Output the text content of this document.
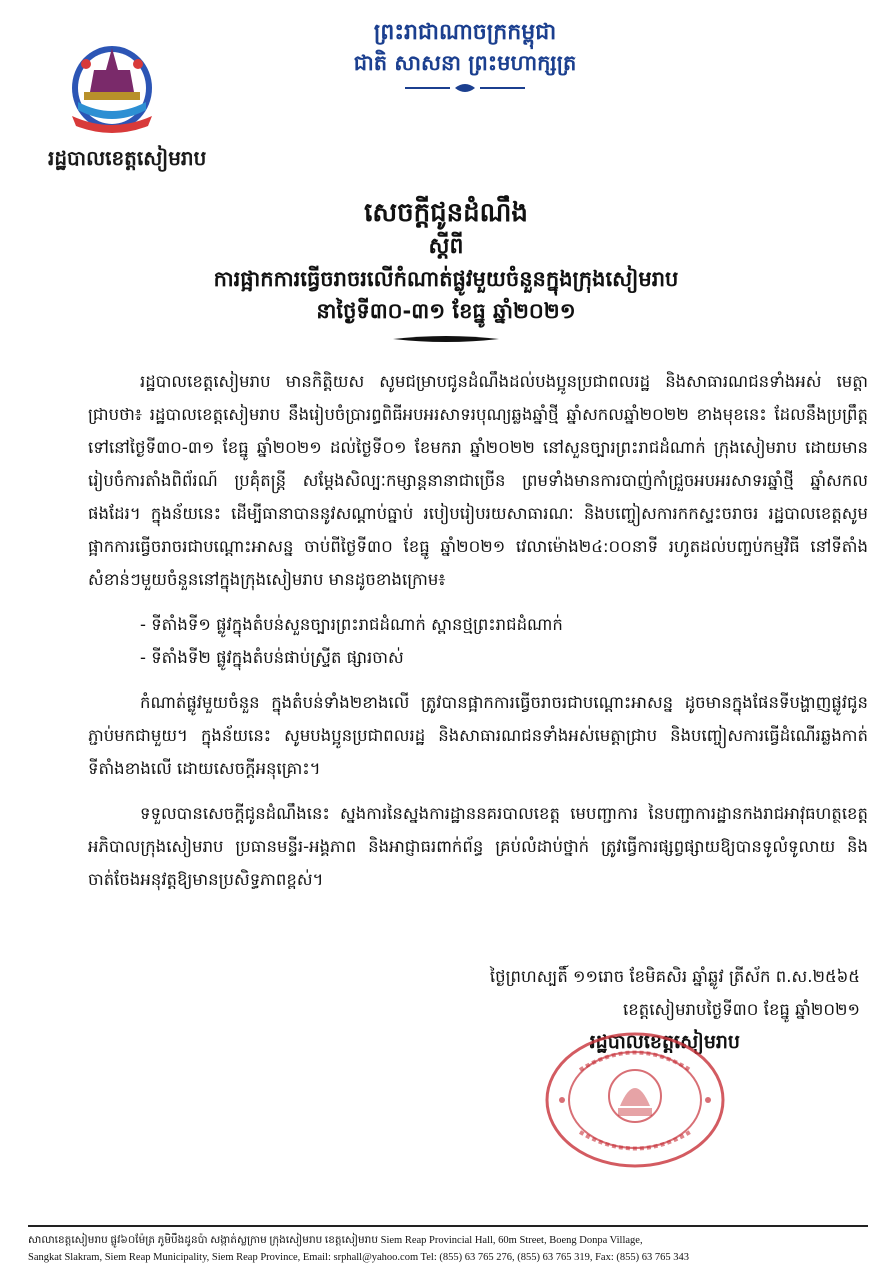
រដ្ឋបាលខេត្តសៀមរាប
ព្រះរាជាណាចក្រកម្ពុជា
ជាតិ សាសនា ព្រះមហាក្សត្រ
សេចក្តីជូនដំណឹង
ស្តីពី
ការផ្អាកការធ្វើចរាចរលើកំណាត់ផ្លូវមួយចំនួនក្នុងក្រុងសៀមរាប
នាថ្ងៃទី៣០-៣១ ខែធ្នូ ឆ្នាំ២០២១

រដ្ឋបាលខេត្តសៀមរាប មានកិត្តិយស សូមជម្រាបជូនដំណឹងដល់បងប្អូនប្រជាពលរដ្ឋ និងសាធារណជនទាំងអស់ មេត្តាជ្រាបថា៖ រដ្ឋបាលខេត្តសៀមរាប នឹងរៀបចំប្រារព្ធពិធីអបអរសាទរបុណ្យឆ្លងឆ្នាំថ្មី ឆ្នាំសកលឆ្នាំ២០២២ ខាងមុខនេះ ដែលនឹងប្រព្រឹត្តទៅនៅថ្ងៃទី៣០-៣១ ខែធ្នូ ឆ្នាំ២០២១ ដល់ថ្ងៃទី០១ ខែមករា ឆ្នាំ២០២២ នៅសួនច្បារព្រះរាជដំណាក់ ក្រុងសៀមរាប ដោយមានរៀបចំការតាំងពិព័រណ៍ ប្រគុំតន្ត្រី សម្តែងសិល្បៈកម្សាន្តនានាជាច្រើន ព្រមទាំងមានការបាញ់កាំជ្រួចអបអរសាទរឆ្នាំថ្មី ឆ្នាំសកល ផងដែរ។ ក្នុងន័យនេះ ដើម្បីធានាបាននូវសណ្តាប់ធ្នាប់ របៀបរៀបរយសាធារណៈ និងបញ្ចៀសការកកស្ទះចរាចរ រដ្ឋបាលខេត្តសូមផ្អាកការធ្វើចរាចរជាបណ្តោះអាសន្ន ចាប់ពីថ្ងៃទី៣០ ខែធ្នូ ឆ្នាំ២០២១ វេលាម៉ោង២៤:០០នាទី រហូតដល់បញ្ចប់កម្មវិធី នៅទីតាំងសំខាន់ៗមួយចំនួននៅក្នុងក្រុងសៀមរាប មានដូចខាងក្រោម៖

- ទីតាំងទី១ ផ្លូវក្នុងតំបន់សួនច្បារព្រះរាជដំណាក់ ស្ពានថ្មព្រះរាជដំណាក់
- ទីតាំងទី២ ផ្លូវក្នុងតំបន់ផាប់ស្ទ្រីត ផ្សារចាស់

កំណាត់ផ្លូវមួយចំនួន ក្នុងតំបន់ទាំង២ខាងលើ ត្រូវបានផ្អាកការធ្វើចរាចរជាបណ្តោះអាសន្ន ដូចមានក្នុងផែនទីបង្ហាញផ្លូវជូនភ្ជាប់មកជាមួយ។ ក្នុងន័យនេះ សូមបងប្អូនប្រជាពលរដ្ឋ និងសាធារណជនទាំងអស់មេត្តាជ្រាប និងបញ្ចៀសការធ្វើដំណើរឆ្លងកាត់ទីតាំងខាងលើ ដោយសេចក្តីអនុគ្រោះ។

ទទួលបានសេចក្តីជូនដំណឹងនេះ ស្នងការនៃស្នងការដ្ឋាននគរបាលខេត្ត មេបញ្ជាការ នៃបញ្ជាការដ្ឋានកងរាជអាវុធហត្ថខេត្ត អភិបាលក្រុងសៀមរាប ប្រធានមន្ទីរ-អង្គភាព និងអាជ្ញាធរពាក់ព័ន្ធ គ្រប់លំដាប់ថ្នាក់ ត្រូវធ្វើការផ្សព្វផ្សាយឱ្យបានទូលំទូលាយ និងចាត់ចែងអនុវត្តឱ្យមានប្រសិទ្ធភាពខ្ពស់។

ថ្ងៃព្រហស្បតិ៍ ១១រោច ខែមិគសិរ ឆ្នាំឆ្លូវ ត្រីស័ក ព.ស.២៥៦៥
ខេត្តសៀមរាបថ្ងៃទី៣០ ខែធ្នូ ឆ្នាំ២០២១
រដ្ឋបាលខេត្តសៀមរាប
សាលាខេត្តសៀមរាប ផ្លូវ៦០ម៉ែត្រ ភូមិបឹងដូនប៉ា សង្កាត់ស្លក្រាម ក្រុងសៀមរាប ខេត្តសៀមរាប Siem Reap Provincial Hall, 60m Street, Boeng Donpa Village,
Sangkat Slakram, Siem Reap Municipality, Siem Reap Province, Email: srphall@yahoo.com Tel: (855) 63 765 276, (855) 63 765 319, Fax: (855) 63 765 343
